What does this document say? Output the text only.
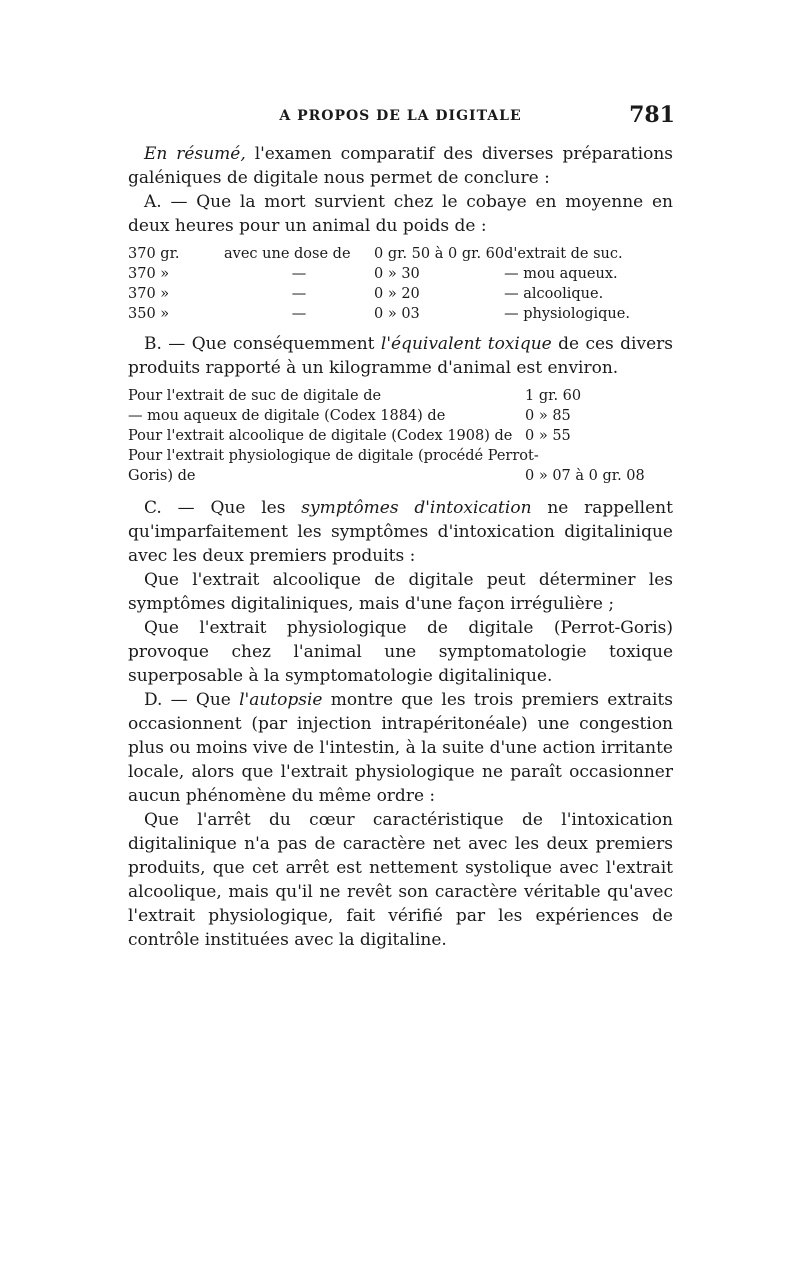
A PROPOS DE LA DIGITALE	781

En résumé, l'examen comparatif des diverses préparations galéniques de digitale nous permet de conclure :

A. — Que la mort survient chez le cobaye en moyenne en deux heures pour un animal du poids de :

370 gr.	avec une dose de	0 gr. 50 à 0 gr. 60	d'extrait de suc.
370 »	—	0 » 30	— mou aqueux.
370 »	—	0 » 20	— alcoolique.
350 »	—	0 » 03	— physiologique.

B. — Que conséquemment l'équivalent toxique de ces divers produits rapporté à un kilogramme d'animal est environ.

Pour l'extrait de suc de digitale de	1 gr. 60
— mou aqueux de digitale (Codex 1884) de	0 » 85
Pour l'extrait alcoolique de digitale (Codex 1908) de 0 » 55
Pour l'extrait physiologique de digitale (procédé Perrot-Goris) de	0 » 07 à 0 gr. 08

C. — Que les symptômes d'intoxication ne rappellent qu'imparfaitement les symptômes d'intoxication digitalinique avec les deux premiers produits :

Que l'extrait alcoolique de digitale peut déterminer les symptômes digitaliniques, mais d'une façon irrégulière ;

Que l'extrait physiologique de digitale (Perrot-Goris) provoque chez l'animal une symptomatologie toxique superposable à la symptomatologie digitalinique.

D. — Que l'autopsie montre que les trois premiers extraits occasionnent (par injection intrapéritonéale) une congestion plus ou moins vive de l'intestin, à la suite d'une action irritante locale, alors que l'extrait physiologique ne paraît occasionner aucun phénomène du même ordre :

Que l'arrêt du cœur caractéristique de l'intoxication digitalinique n'a pas de caractère net avec les deux premiers produits, que cet arrêt est nettement systolique avec l'extrait alcoolique, mais qu'il ne revêt son caractère véritable qu'avec l'extrait physiologique, fait vérifié par les expériences de contrôle instituées avec la digitaline.
